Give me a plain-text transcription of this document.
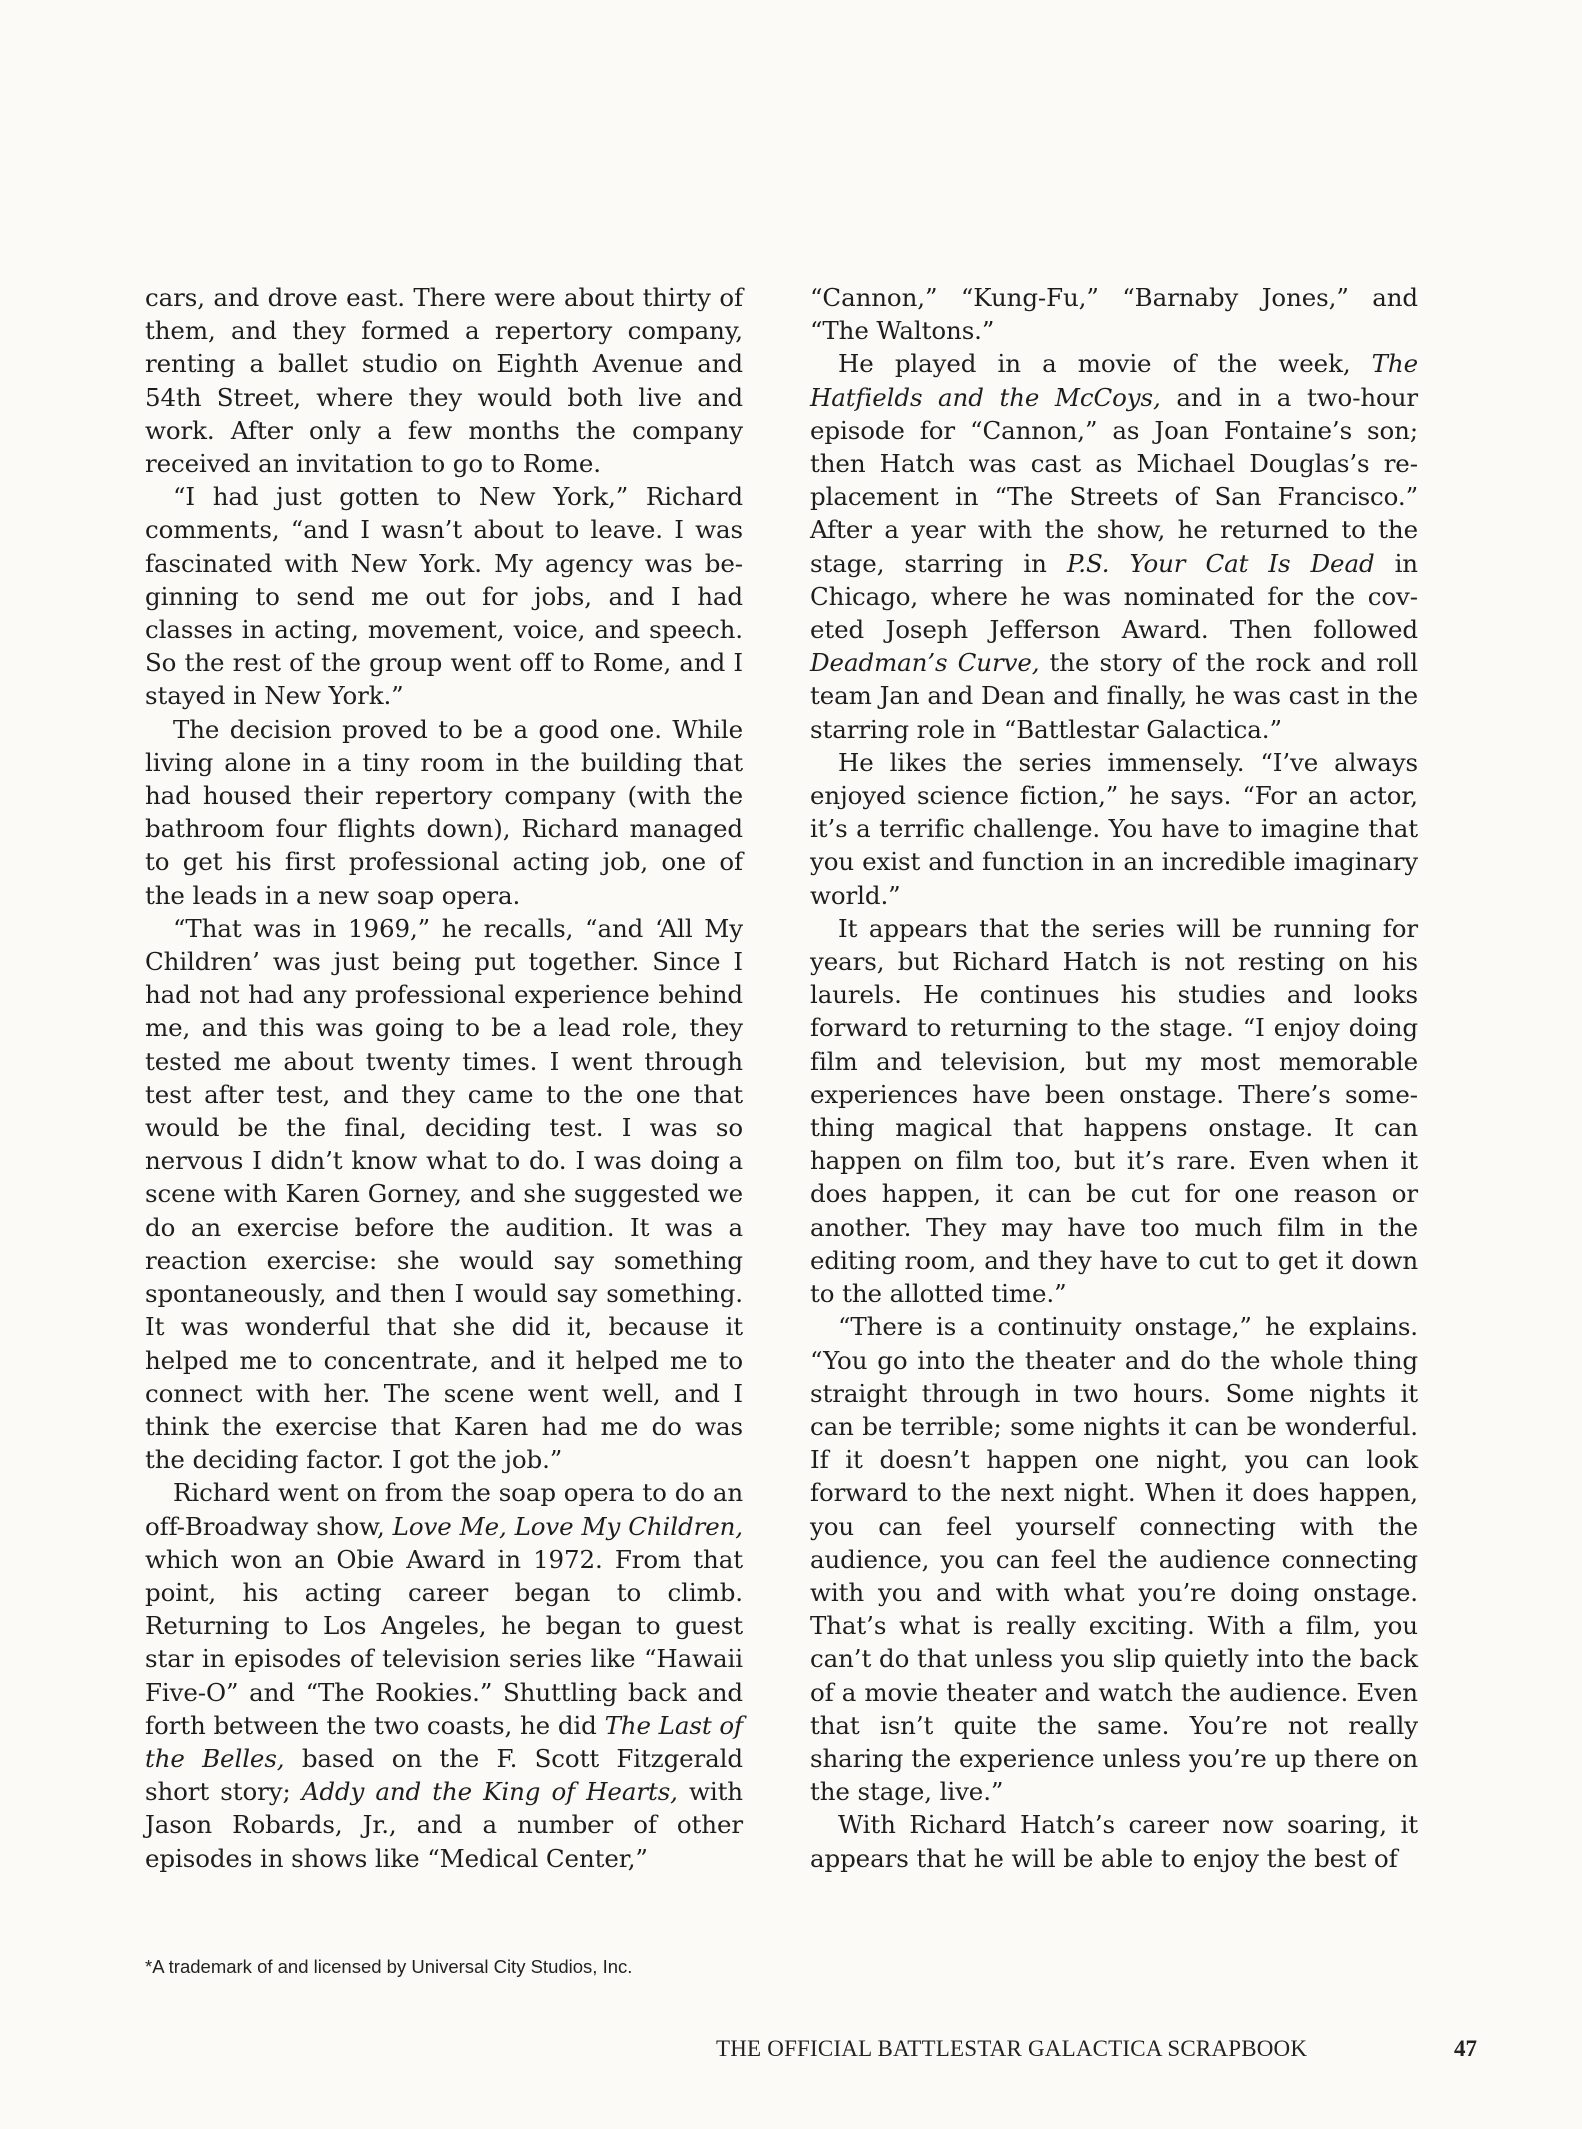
cars, and drove east. There were about thirty of them, and they formed a repertory company, renting a ballet studio on Eighth Avenue and 54th Street, where they would both live and work. After only a few months the company received an invitation to go to Rome.

“I had just gotten to New York,” Richard comments, “and I wasn’t about to leave. I was fascinated with New York. My agency was beginning to send me out for jobs, and I had classes in acting, movement, voice, and speech. So the rest of the group went off to Rome, and I stayed in New York.”

The decision proved to be a good one. While living alone in a tiny room in the building that had housed their repertory company (with the bathroom four flights down), Richard managed to get his first professional acting job, one of the leads in a new soap opera.

“That was in 1969,” he recalls, “and ‘All My Children’ was just being put together. Since I had not had any professional experience behind me, and this was going to be a lead role, they tested me about twenty times. I went through test after test, and they came to the one that would be the final, deciding test. I was so nervous I didn’t know what to do. I was doing a scene with Karen Gorney, and she suggested we do an exercise before the audition. It was a reaction exercise: she would say something spontaneously, and then I would say something. It was wonderful that she did it, because it helped me to concentrate, and it helped me to connect with her. The scene went well, and I think the exercise that Karen had me do was the deciding factor. I got the job.”

Richard went on from the soap opera to do an off-Broadway show, Love Me, Love My Children, which won an Obie Award in 1972. From that point, his acting career began to climb. Returning to Los Angeles, he began to guest star in episodes of television series like “Hawaii Five-O” and “The Rookies.” Shuttling back and forth between the two coasts, he did The Last of the Belles, based on the F. Scott Fitzgerald short story; Addy and the King of Hearts, with Jason Robards, Jr., and a number of other episodes in shows like “Medical Center,”

“Cannon,” “Kung-Fu,” “Barnaby Jones,” and “The Waltons.”

He played in a movie of the week, The Hatfields and the McCoys, and in a two-hour episode for “Cannon,” as Joan Fontaine’s son; then Hatch was cast as Michael Douglas’s replacement in “The Streets of San Francisco.” After a year with the show, he returned to the stage, starring in P.S. Your Cat Is Dead in Chicago, where he was nominated for the coveted Joseph Jefferson Award. Then followed Deadman’s Curve, the story of the rock and roll team Jan and Dean and finally, he was cast in the starring role in “Battlestar Galactica.”

He likes the series immensely. “I’ve always enjoyed science fiction,” he says. “For an actor, it’s a terrific challenge. You have to imagine that you exist and function in an incredible imaginary world.”

It appears that the series will be running for years, but Richard Hatch is not resting on his laurels. He continues his studies and looks forward to returning to the stage. “I enjoy doing film and television, but my most memorable experiences have been onstage. There’s something magical that happens onstage. It can happen on film too, but it’s rare. Even when it does happen, it can be cut for one reason or another. They may have too much film in the editing room, and they have to cut to get it down to the allotted time.”

“There is a continuity onstage,” he explains. “You go into the theater and do the whole thing straight through in two hours. Some nights it can be terrible; some nights it can be wonderful. If it doesn’t happen one night, you can look forward to the next night. When it does happen, you can feel yourself connecting with the audience, you can feel the audience connecting with you and with what you’re doing onstage. That’s what is really exciting. With a film, you can’t do that unless you slip quietly into the back of a movie theater and watch the audience. Even that isn’t quite the same. You’re not really sharing the experience unless you’re up there on the stage, live.”

With Richard Hatch’s career now soaring, it appears that he will be able to enjoy the best of

*A trademark of and licensed by Universal City Studios, Inc.
THE OFFICIAL BATTLESTAR GALACTICA SCRAPBOOK	47
